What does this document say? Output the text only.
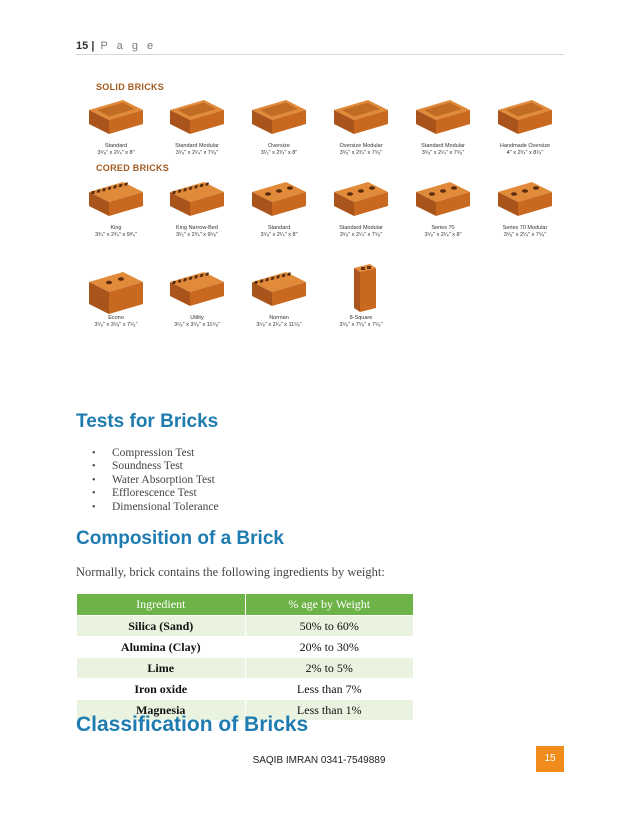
15 | P a g e
SOLID BRICKS
CORED BRICKS
Standard
3⁵⁄₈" x 2¹⁄₄" x 8"
Standard Modular
3⁵⁄₈" x 2¹⁄₄" x 7⁵⁄₈"
Oversize
3¹⁄₂" x 2³⁄₄" x 8"
Oversize Modular
3⁵⁄₈" x 2³⁄₄" x 7⁵⁄₈"
Standard Modular
3⁵⁄₈" x 2¹⁄₄" x 7⁵⁄₈"
Handmade Oversize
4" x 2³⁄₄" x 8¹⁄₄"
King
3³⁄₄" x 2³⁄₄" x 9³⁄₄"
King Narrow-Bed
3¹⁄₂" x 2³⁄₄" x 9⁵⁄₈"
Standard
3⁵⁄₈" x 2¹⁄₄" x 8"
Standard Modular
3⁵⁄₈" x 2¹⁄₄" x 7⁵⁄₈"
Series 70
3⁵⁄₈" x 2¹⁄₄" x 8"
Series 70 Modular
3⁵⁄₈" x 2¹⁄₄" x 7⁵⁄₈"
Econo
3⁵⁄₈" x 3⁵⁄₈" x 7⁵⁄₈"
Utility
3⁵⁄₈" x 3⁵⁄₈" x 11⁵⁄₈"
Norman
3⁵⁄₈" x 2¹⁄₄" x 11⁵⁄₈"
8-Square
3⁵⁄₈" x 7⁵⁄₈" x 7⁵⁄₈"
Tests for Bricks
• Compression Test
• Soundness Test
• Water Absorption Test
• Efflorescence Test
• Dimensional Tolerance
Composition of a Brick
Normally, brick contains the following ingredients by weight:
Ingredient	% age by Weight
Silica (Sand)	50% to 60%
Alumina (Clay)	20% to 30%
Lime	2% to 5%
Iron oxide	Less than 7%
Magnesia	Less than 1%
Classification of Bricks
SAQIB IMRAN 0341-7549889	15
